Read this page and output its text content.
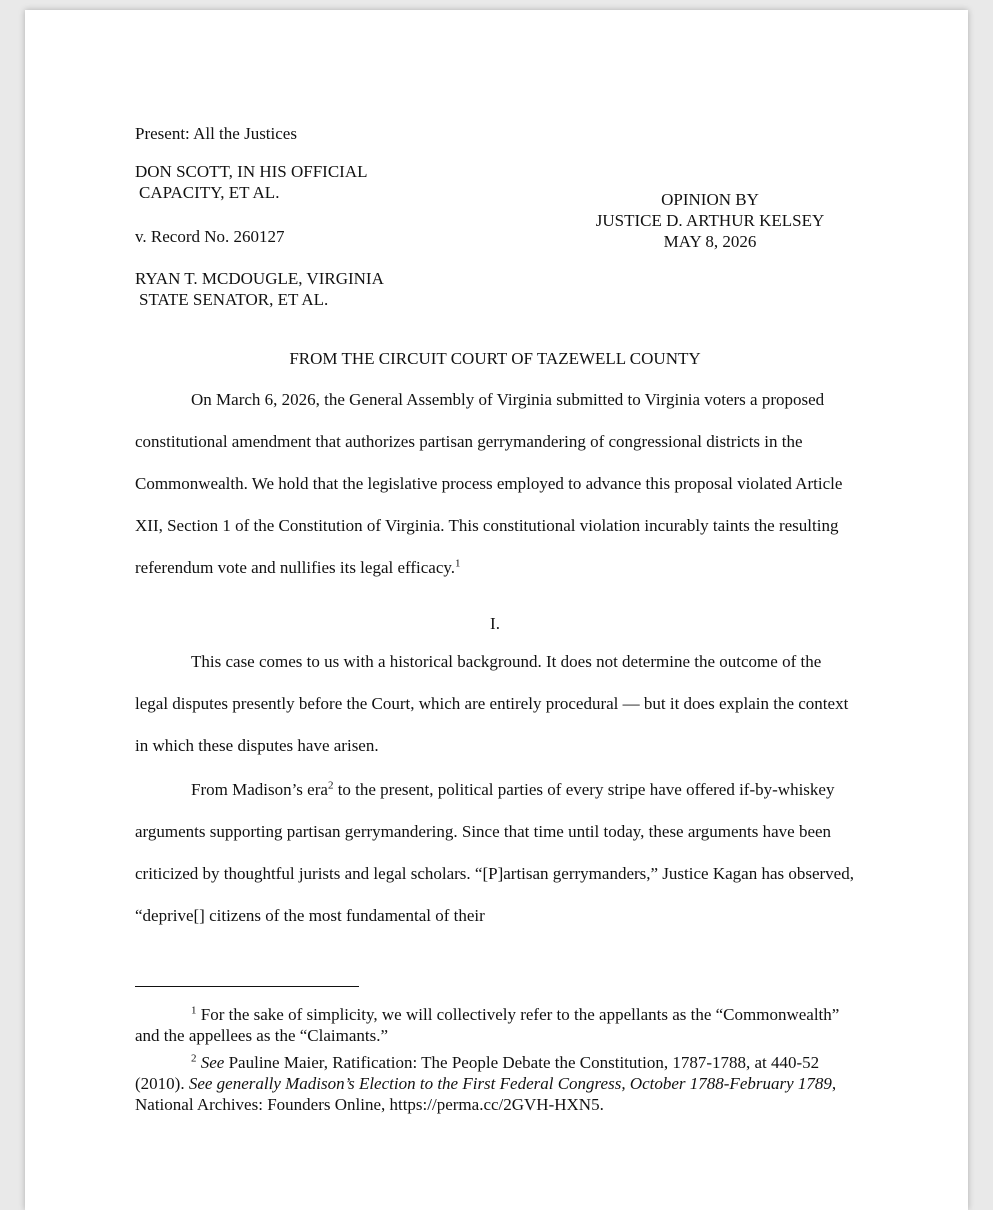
Present: All the Justices
DON SCOTT, IN HIS OFFICIAL
CAPACITY, ET AL.
v. Record No. 260127
RYAN T. MCDOUGLE, VIRGINIA
STATE SENATOR, ET AL.
OPINION BY
JUSTICE D. ARTHUR KELSEY
MAY 8, 2026
FROM THE CIRCUIT COURT OF TAZEWELL COUNTY

On March 6, 2026, the General Assembly of Virginia submitted to Virginia voters a proposed constitutional amendment that authorizes partisan gerrymandering of congressional districts in the Commonwealth. We hold that the legislative process employed to advance this proposal violated Article XII, Section 1 of the Constitution of Virginia. This constitutional violation incurably taints the resulting referendum vote and nullifies its legal efficacy.$^1$

I.

This case comes to us with a historical background. It does not determine the outcome of the legal disputes presently before the Court, which are entirely procedural — but it does explain the context in which these disputes have arisen.

From Madison’s era$^2$ to the present, political parties of every stripe have offered if-by-whiskey arguments supporting partisan gerrymandering. Since that time until today, these arguments have been criticized by thoughtful jurists and legal scholars. “[P]artisan gerrymanders,” Justice Kagan has observed, “deprive[] citizens of the most fundamental of their

$^1$ For the sake of simplicity, we will collectively refer to the appellants as the “Commonwealth” and the appellees as the “Claimants.”

$^2$ See Pauline Maier, Ratification: The People Debate the Constitution, 1787-1788, at 440-52 (2010). See generally Madison’s Election to the First Federal Congress, October 1788-February 1789, National Archives: Founders Online, https://perma.cc/2GVH-HXN5.
